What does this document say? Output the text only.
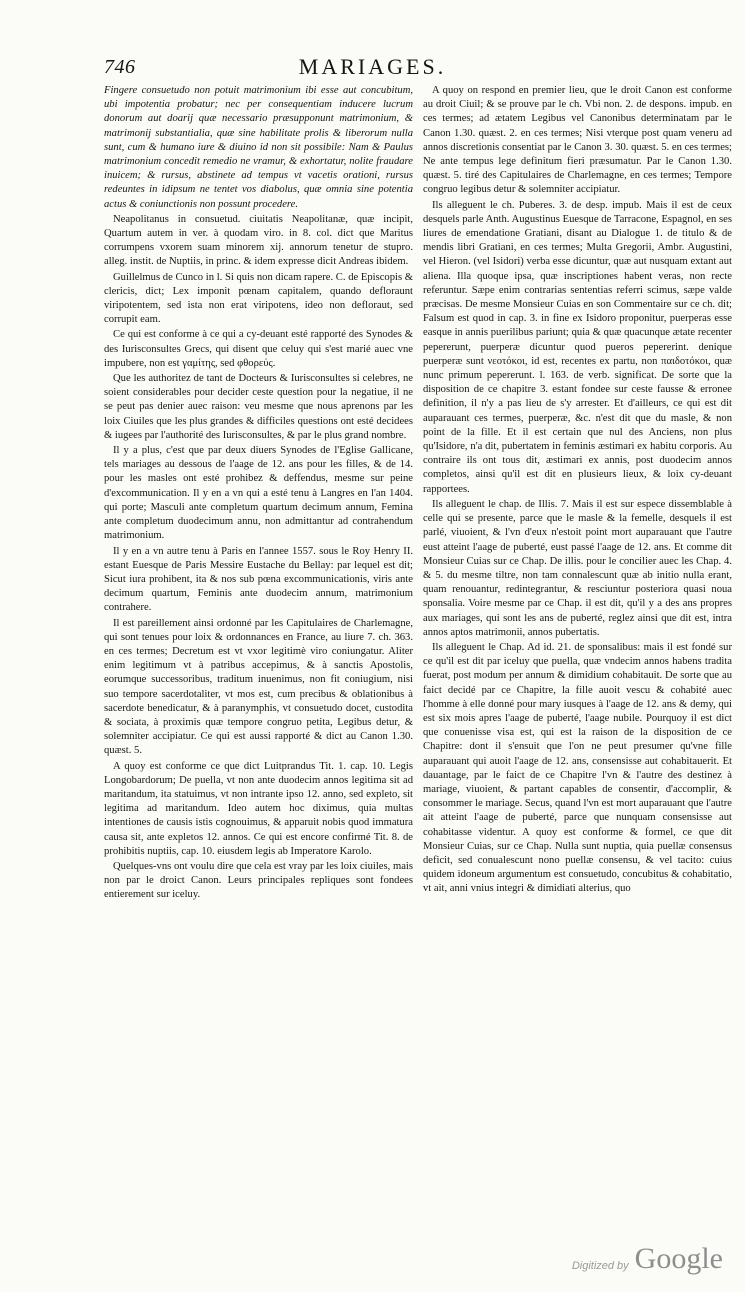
746	MARIAGES.

Fingere consuetudo non potuit matrimonium ibi esse aut concubitum, ubi impotentia probatur; nec per consequentiam inducere lucrum donorum aut doarij quæ necessario præsupponunt matrimonium, & matrimonij substantialia, quæ sine habilitate prolis & liberorum nulla sunt, cum & humano iure & diuino id non sit possibile: Nam & Paulus matrimonium concedit remedio ne vramur, & exhortatur, nolite fraudare inuicem; & rursus, abstinete ad tempus vt vacetis orationi, rursus redeuntes in idipsum ne tentet vos diabolus, quæ omnia sine potentia actus & coniunctionis non possunt procedere.

Neapolitanus in consuetud. ciuitatis Neapolitanæ, quæ incipit, Quartum autem in ver. à quodam viro. in 8. col. dict que Maritus corrumpens vxorem suam minorem xij. annorum tenetur de stupro. alleg. instit. de Nuptiis, in princ. & idem expresse dicit Andreas ibidem.

Guillelmus de Cunco in l. Si quis non dicam rapere. C. de Episcopis & clericis, dict; Lex imponit pœnam capitalem, quando defloraunt viripotentem, sed ista non erat viripotens, ideo non defloraut, sed corrupit eam.

Ce qui est conforme à ce qui a cy-deuant esté rapporté des Synodes & des Iurisconsultes Grecs, qui disent que celuy qui s'est marié auec vne impubere, non est γαμίτης, sed φθορεύς.

Que les authoritez de tant de Docteurs & Iurisconsultes si celebres, ne soient considerables pour decider ceste question pour la negatiue, il ne se peut pas denier auec raison: veu mesme que nous aprenons par les loix Ciuiles que les plus grandes & difficiles questions ont esté decidees & iugees par l'authorité des Iurisconsultes, & par le plus grand nombre.

Il y a plus, c'est que par deux diuers Synodes de l'Eglise Gallicane, tels mariages au dessous de l'aage de 12. ans pour les filles, & de 14. pour les masles ont esté prohibez & deffendus, mesme sur peine d'excommunication. Il y en a vn qui a esté tenu à Langres en l'an 1404. qui porte; Masculi ante completum quartum decimum annum, Femina ante completum duodecimum annu, non admittantur ad contrahendum matrimonium.

Il y en a vn autre tenu à Paris en l'annee 1557. sous le Roy Henry II. estant Euesque de Paris Messire Eustache du Bellay: par lequel est dit; Sicut iura prohibent, ita & nos sub pœna excommunicationis, viris ante decimum quartum, Feminis ante duodecim annum, matrimonium contrahere.

Il est pareillement ainsi ordonné par les Capitulaires de Charlemagne, qui sont tenues pour loix & ordonnances en France, au liure 7. ch. 363. en ces termes; Decretum est vt vxor legitimè viro coniungatur. Aliter enim legitimum vt à patribus accepimus, & à sanctis Apostolis, eorumque successoribus, traditum inuenimus, non fit coniugium, nisi suo tempore sacerdotaliter, vt mos est, cum precibus & oblationibus à sacerdote benedicatur, & à paranymphis, vt consuetudo docet, custodita & sociata, à proximis quæ tempore congruo petita, Legibus detur, & solemniter accipiatur. Ce qui est aussi rapporté & dict au Canon 1.30. quæst. 5.

A quoy est conforme ce que dict Luitprandus Tit. 1. cap. 10. Legis Longobardorum; De puella, vt non ante duodecim annos legitima sit ad maritandum, ita statuimus, vt non intrante ipso 12. anno, sed expleto, sit legitima ad maritandum. Ideo autem hoc diximus, quia multas intentiones de causis istis cognouimus, & apparuit nobis quod immatura causa sit, ante expletos 12. annos. Ce qui est encore confirmé Tit. 8. de prohibitis nuptiis, cap. 10. eiusdem legis ab Imperatore Karolo.

Quelques-vns ont voulu dire que cela est vray par les loix ciuiles, mais non par le droict Canon. Leurs principales repliques sont fondees entierement sur iceluy.

A quoy on respond en premier lieu, que le droit Canon est conforme au droit Ciuil; & se prouve par le ch. Vbi non. 2. de despons. impub. en ces termes; ad ætatem Legibus vel Canonibus determinatam par le Canon 1.30. quæst. 2. en ces termes; Nisi vterque post quam veneru ad annos discretionis consentiat par le Canon 3. 30. quæst. 5. en ces termes; Ne ante tempus lege definitum fieri præsumatur. Par le Canon 1.30. quæst. 5. tiré des Capitulaires de Charlemagne, en ces termes; Tempore congruo legibus detur & solemniter accipiatur.

Ils alleguent le ch. Puberes. 3. de desp. impub. Mais il est de ceux desquels parle Anth. Augustinus Euesque de Tarracone, Espagnol, en ses liures de emendatione Gratiani, disant au Dialogue 1. de titulo & de mendis libri Gratiani, en ces termes; Multa Gregorii, Ambr. Augustini, vel Hieron. (vel Isidori) verba esse dicuntur, quæ aut nusquam extant aut aliena. Illa quoque ipsa, quæ inscriptiones habent veras, non recte referuntur. Sæpe enim contrarias sententias referri scimus, sæpe valde præcisas. De mesme Monsieur Cuias en son Commentaire sur ce ch. dit; Falsum est quod in cap. 3. in fine ex Isidoro proponitur, puerperas esse easque in annis puerilibus pariunt; quia & quæ quacunque ætate recenter pepererunt, puerperæ dicuntur quod pueros pepererint. denique puerperæ sunt νεοτόκοι, id est, recentes ex partu, non παιδοτόκοι, quæ nunc primum pepererunt. l. 163. de verb. significat. De sorte que la disposition de ce chapitre 3. estant fondee sur ceste fausse & erronee definition, il n'y a pas lieu de s'y arrester. Et d'ailleurs, ce qui est dit auparauant ces termes, puerperæ, &c. n'est dit que du masle, & non point de la fille. Et il est certain que nul des Anciens, non plus qu'Isidore, n'a dit, pubertatem in feminis æstimari ex habitu corporis. Au contraire ils ont tous dit, æstimari ex annis, post duodecim annos completos, ainsi qu'il est dit en plusieurs lieux, & loix cy-deuant rapportees.

Ils alleguent le chap. de Illis. 7. Mais il est sur espece dissemblable à celle qui se presente, parce que le masle & la femelle, desquels il est parlé, viuoient, & l'vn d'eux n'estoit point mort auparauant que l'autre eust atteint l'aage de puberté, eust passé l'aage de 12. ans. Et comme dit Monsieur Cuias sur ce Chap. De illis. pour le concilier auec les Chap. 4. & 5. du mesme tiltre, non tam connalescunt quæ ab initio nulla erant, quam renouantur, redintegrantur, & resciuntur posteriora quasi noua sponsalia. Voire mesme par ce Chap. il est dit, qu'il y a des ans propres aux mariages, qui sont les ans de puberté, reglez ainsi que dit est, intra annos aptos matrimonii, annos pubertatis.

Ils alleguent le Chap. Ad id. 21. de sponsalibus: mais il est fondé sur ce qu'il est dit par iceluy que puella, quæ vndecim annos habens tradita fuerat, post modum per annum & dimidium cohabitauit. De sorte que au faict decidé par ce Chapitre, la fille auoit vescu & cohabité auec l'homme à elle donné pour mary iusques à l'aage de 12. ans & demy, qui est six mois apres l'aage de puberté, l'aage nubile. Pourquoy il est dict que conuenisse visa est, qui est la raison de la disposition de ce Chapitre: dont il s'ensuit que l'on ne peut presumer qu'vne fille auparauant qui auoit l'aage de 12. ans, consensisse aut cohabitauerit. Et dauantage, par le faict de ce Chapitre l'vn & l'autre des destinez à mariage, viuoient, & partant capables de consentir, d'accomplir, & consommer le mariage. Secus, quand l'vn est mort auparauant que l'autre ait atteint l'aage de puberté, parce que nunquam consensisse aut cohabitasse videntur. A quoy est conforme & formel, ce que dit Monsieur Cuias, sur ce Chap. Nulla sunt nuptia, quia puellæ consensus deficit, sed conualescunt nono puellæ consensu, & vel tacito: cuius quidem idoneum argumentum est consuetudo, concubitus & cohabitatio, vt ait, anni vnius integri & dimidiati alterius, quo

Digitized by Google
